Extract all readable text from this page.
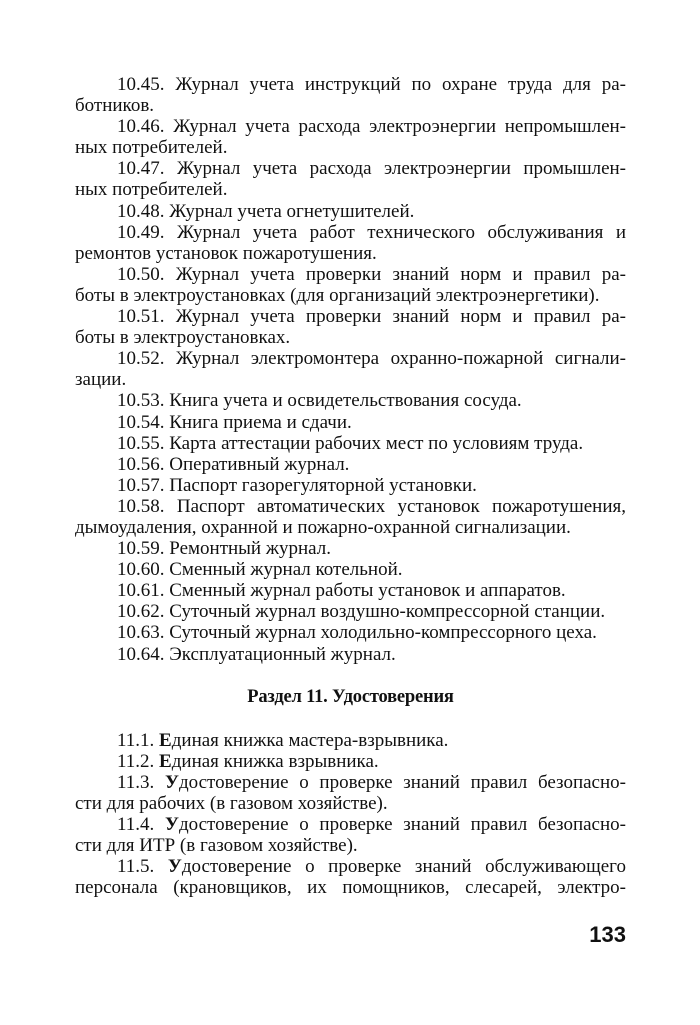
10.45. Журнал учета инструкций по охране труда для ра-
ботников.
10.46. Журнал учета расхода электроэнергии непромышлен-
ных потребителей.
10.47. Журнал учета расхода электроэнергии промышлен-
ных потребителей.
10.48. Журнал учета огнетушителей.
10.49. Журнал учета работ технического обслуживания и
ремонтов установок пожаротушения.
10.50. Журнал учета проверки знаний норм и правил ра-
боты в электроустановках (для организаций электроэнергетики).
10.51. Журнал учета проверки знаний норм и правил ра-
боты в электроустановках.
10.52. Журнал электромонтера охранно-пожарной сигнали-
зации.
10.53. Книга учета и освидетельствования сосуда.
10.54. Книга приема и сдачи.
10.55. Карта аттестации рабочих мест по условиям труда.
10.56. Оперативный журнал.
10.57. Паспорт газорегуляторной установки.
10.58. Паспорт автоматических установок пожаротушения,
дымоудаления, охранной и пожарно-охранной сигнализации.
10.59. Ремонтный журнал.
10.60. Сменный журнал котельной.
10.61. Сменный журнал работы установок и аппаратов.
10.62. Суточный журнал воздушно-компрессорной станции.
10.63. Суточный журнал холодильно-компрессорного цеха.
10.64. Эксплуатационный журнал.
Раздел 11. Удостоверения
11.1. Единая книжка мастера-взрывника.
11.2. Единая книжка взрывника.
11.3. Удостоверение о проверке знаний правил безопасно-
сти для рабочих (в газовом хозяйстве).
11.4. Удостоверение о проверке знаний правил безопасно-
сти для ИТР (в газовом хозяйстве).
11.5. Удостоверение о проверке знаний обслуживающего
персонала (крановщиков, их помощников, слесарей, электро-
133
